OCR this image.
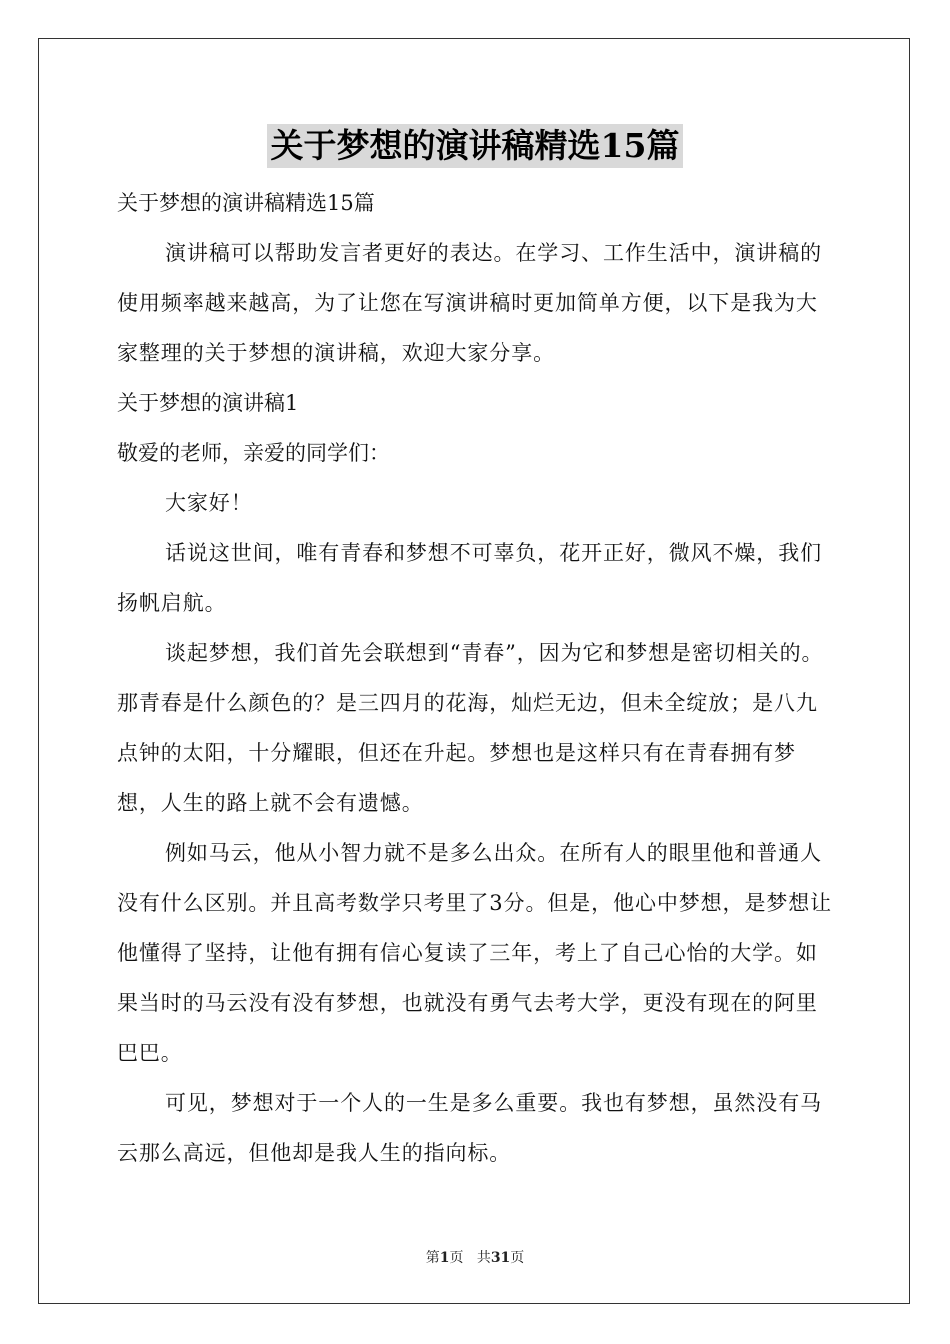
关于梦想的演讲稿精选15篇

关于梦想的演讲稿精选15篇

演讲稿可以帮助发言者更好的表达。在学习、工作生活中，演讲稿的使用频率越来越高，为了让您在写演讲稿时更加简单方便，以下是我为大家整理的关于梦想的演讲稿，欢迎大家分享。

关于梦想的演讲稿1

敬爱的老师，亲爱的同学们：

大家好！

话说这世间，唯有青春和梦想不可辜负，花开正好，微风不燥，我们扬帆启航。

谈起梦想，我们首先会联想到“青春”，因为它和梦想是密切相关的。那青春是什么颜色的？是三四月的花海，灿烂无边，但未全绽放；是八九点钟的太阳，十分耀眼，但还在升起。梦想也是这样只有在青春拥有梦想，人生的路上就不会有遗憾。

例如马云，他从小智力就不是多么出众。在所有人的眼里他和普通人没有什么区别。并且高考数学只考里了3分。但是，他心中梦想，是梦想让他懂得了坚持，让他有拥有信心复读了三年，考上了自己心怡的大学。如果当时的马云没有没有梦想，也就没有勇气去考大学，更没有现在的阿里巴巴。

可见，梦想对于一个人的一生是多么重要。我也有梦想，虽然没有马云那么高远，但他却是我人生的指向标。

第1页 共31页
